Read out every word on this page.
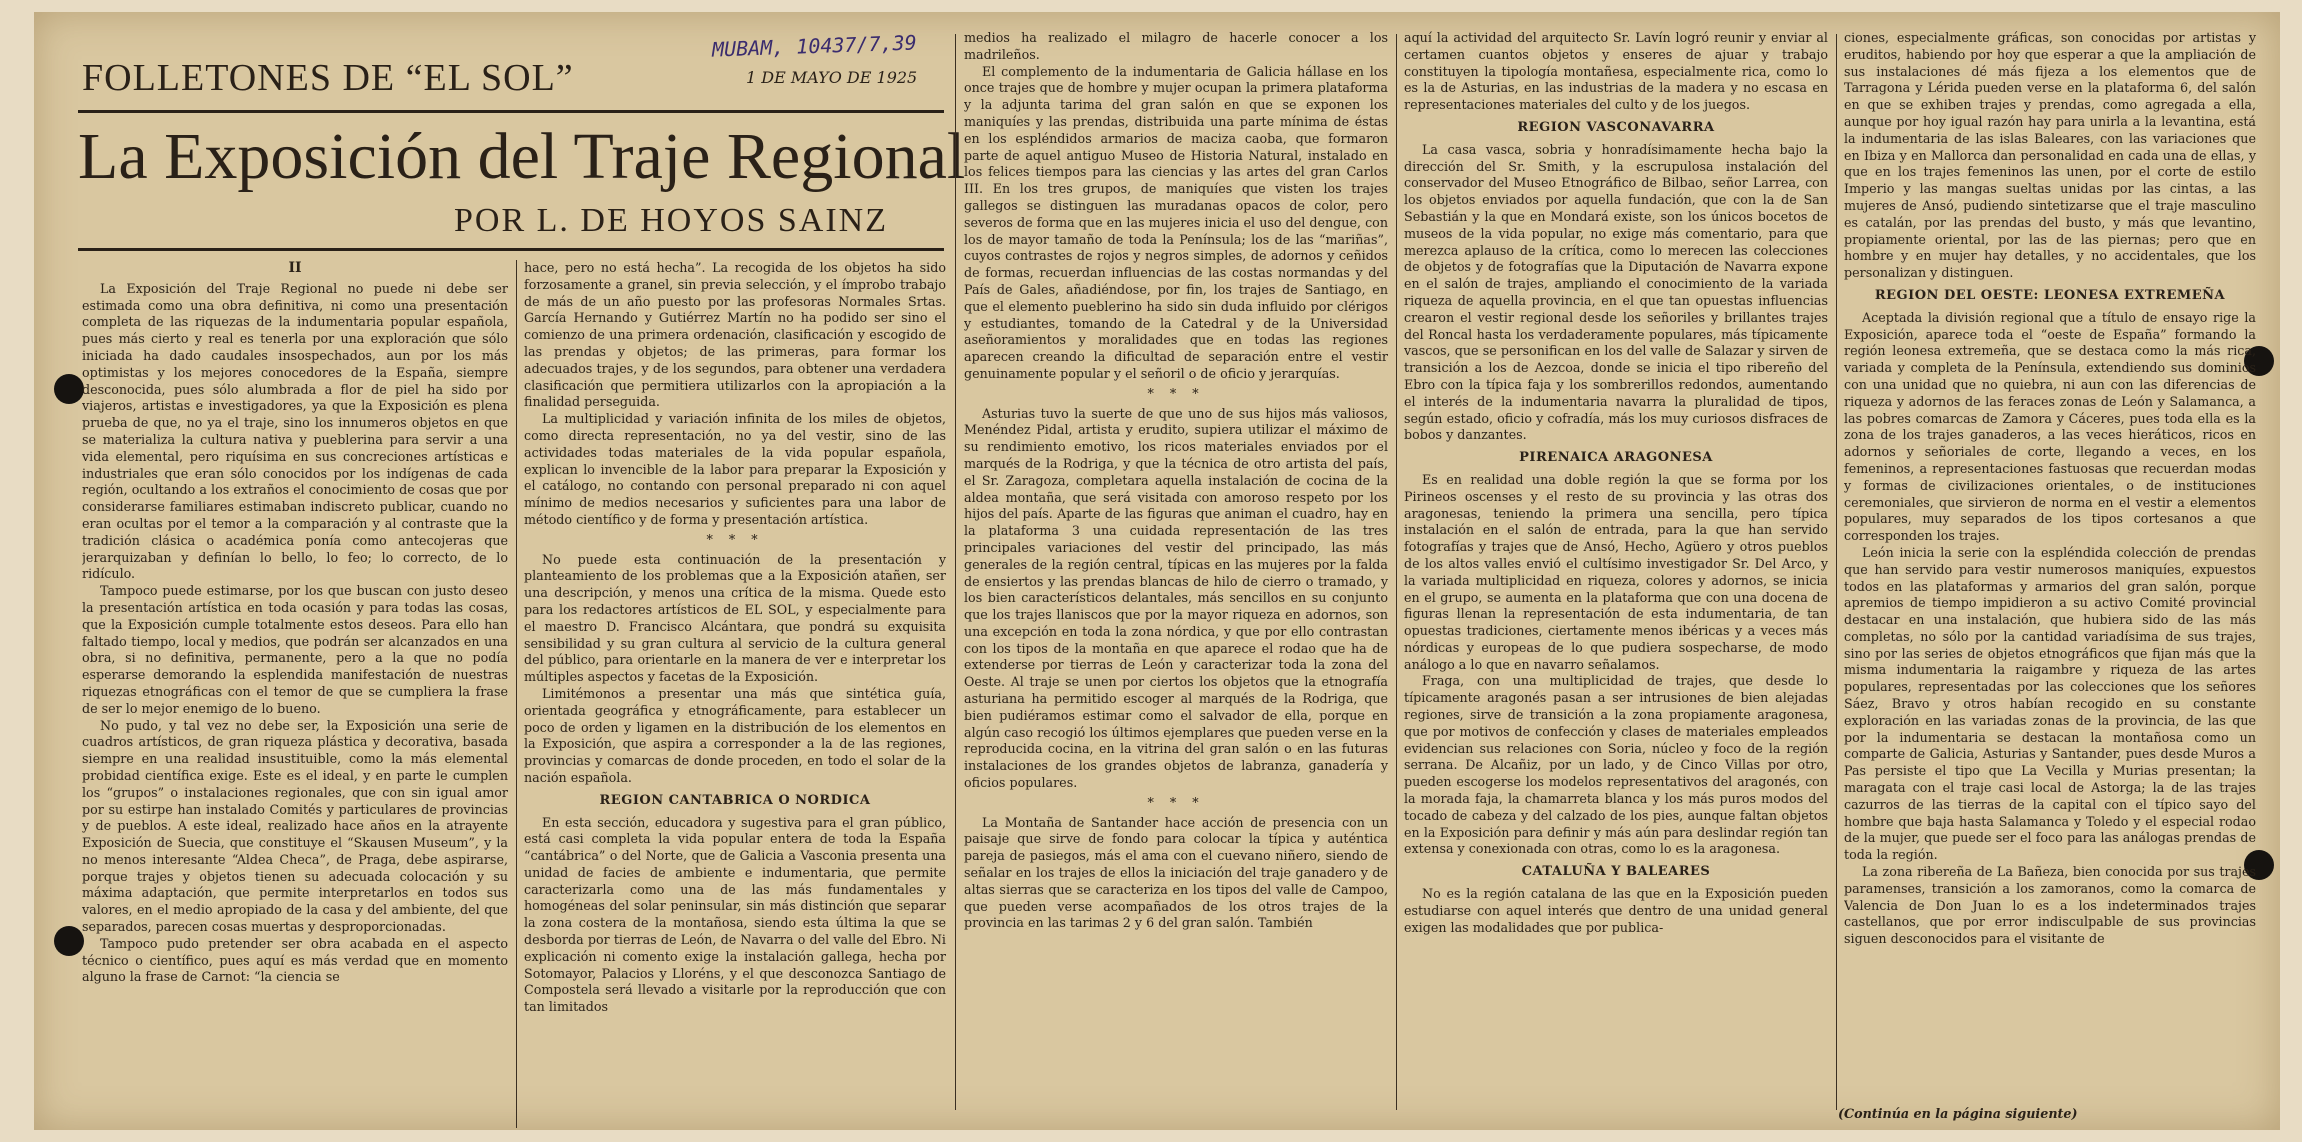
MUBAM, 10437/7,39
FOLLETONES DE “EL SOL”	1 DE MAYO DE 1925
La Exposición del Traje Regional
POR L. DE HOYOS SAINZ
II

La Exposición del Traje Regional no puede ni debe ser estimada como una obra definitiva, ni como una presentación completa de las riquezas de la indumentaria popular española, pues más cierto y real es tenerla por una exploración que sólo iniciada ha dado caudales insospechados, aun por los más optimistas y los mejores conocedores de la España, siempre desconocida, pues sólo alumbrada a flor de piel ha sido por viajeros, artistas e investigadores, ya que la Exposición es plena prueba de que, no ya el traje, sino los innumeros objetos en que se materializa la cultura nativa y pueblerina para servir a una vida elemental, pero riquísima en sus concreciones artísticas e industriales que eran sólo conocidos por los indígenas de cada región, ocultando a los extraños el conocimiento de cosas que por considerarse familiares estimaban indiscreto publicar, cuando no eran ocultas por el temor a la comparación y al contraste que la tradición clásica o académica ponía como antecojeras que jerarquizaban y definían lo bello, lo feo; lo correcto, de lo ridículo.

Tampoco puede estimarse, por los que buscan con justo deseo la presentación artística en toda ocasión y para todas las cosas, que la Exposición cumple totalmente estos deseos. Para ello han faltado tiempo, local y medios, que podrán ser alcanzados en una obra, si no definitiva, permanente, pero a la que no podía esperarse demorando la esplendida manifestación de nuestras riquezas etnográficas con el temor de que se cumpliera la frase de ser lo mejor enemigo de lo bueno.

No pudo, y tal vez no debe ser, la Exposición una serie de cuadros artísticos, de gran riqueza plástica y decorativa, basada siempre en una realidad insustituible, como la más elemental probidad científica exige. Este es el ideal, y en parte le cumplen los “grupos” o instalaciones regionales, que con sin igual amor por su estirpe han instalado Comités y particulares de provincias y de pueblos. A este ideal, realizado hace años en la atrayente Exposición de Suecia, que constituye el “Skausen Museum”, y la no menos interesante “Aldea Checa”, de Praga, debe aspirarse, porque trajes y objetos tienen su adecuada colocación y su máxima adaptación, que permite interpretarlos en todos sus valores, en el medio apropiado de la casa y del ambiente, del que separados, parecen cosas muertas y desproporcionadas.

Tampoco pudo pretender ser obra acabada en el aspecto técnico o científico, pues aquí es más verdad que en momento alguno la frase de Carnot: “la ciencia se

hace, pero no está hecha”. La recogida de los objetos ha sido forzosamente a granel, sin previa selección, y el ímprobo trabajo de más de un año puesto por las profesoras Normales Srtas. García Hernando y Gutiérrez Martín no ha podido ser sino el comienzo de una primera ordenación, clasificación y escogido de las prendas y objetos; de las primeras, para formar los adecuados trajes, y de los segundos, para obtener una verdadera clasificación que permitiera utilizarlos con la apropiación a la finalidad perseguida.

La multiplicidad y variación infinita de los miles de objetos, como directa representación, no ya del vestir, sino de las actividades todas materiales de la vida popular española, explican lo invencible de la labor para preparar la Exposición y el catálogo, no contando con personal preparado ni con aquel mínimo de medios necesarios y suficientes para una labor de método científico y de forma y presentación artística.

* * *

No puede esta continuación de la presentación y planteamiento de los problemas que a la Exposición atañen, ser una descripción, y menos una crítica de la misma. Quede esto para los redactores artísticos de EL SOL, y especialmente para el maestro D. Francisco Alcántara, que pondrá su exquisita sensibilidad y su gran cultura al servicio de la cultura general del público, para orientarle en la manera de ver e interpretar los múltiples aspectos y facetas de la Exposición.

Limitémonos a presentar una más que sintética guía, orientada geográfica y etnográficamente, para establecer un poco de orden y ligamen en la distribución de los elementos en la Exposición, que aspira a corresponder a la de las regiones, provincias y comarcas de donde proceden, en todo el solar de la nación española.

REGION CANTABRICA O NORDICA

En esta sección, educadora y sugestiva para el gran público, está casi completa la vida popular entera de toda la España “cantábrica” o del Norte, que de Galicia a Vasconia presenta una unidad de facies de ambiente e indumentaria, que permite caracterizarla como una de las más fundamentales y homogéneas del solar peninsular, sin más distinción que separar la zona costera de la montañosa, siendo esta última la que se desborda por tierras de León, de Navarra o del valle del Ebro. Ni explicación ni comento exige la instalación gallega, hecha por Sotomayor, Palacios y Lloréns, y el que desconozca Santiago de Compostela será llevado a visitarle por la reproducción que con tan limitados

medios ha realizado el milagro de hacerle conocer a los madrileños.

El complemento de la indumentaria de Galicia hállase en los once trajes que de hombre y mujer ocupan la primera plataforma y la adjunta tarima del gran salón en que se exponen los maniquíes y las prendas, distribuida una parte mínima de éstas en los espléndidos armarios de maciza caoba, que formaron parte de aquel antiguo Museo de Historia Natural, instalado en los felices tiempos para las ciencias y las artes del gran Carlos III. En los tres grupos, de maniquíes que visten los trajes gallegos se distinguen las muradanas opacos de color, pero severos de forma que en las mujeres inicia el uso del dengue, con los de mayor tamaño de toda la Península; los de las “mariñas”, cuyos contrastes de rojos y negros simples, de adornos y ceñidos de formas, recuerdan influencias de las costas normandas y del País de Gales, añadiéndose, por fin, los trajes de Santiago, en que el elemento pueblerino ha sido sin duda influido por clérigos y estudiantes, tomando de la Catedral y de la Universidad aseñoramientos y moralidades que en todas las regiones aparecen creando la dificultad de separación entre el vestir genuinamente popular y el señoril o de oficio y jerarquías.

* * *

Asturias tuvo la suerte de que uno de sus hijos más valiosos, Menéndez Pidal, artista y erudito, supiera utilizar el máximo de su rendimiento emotivo, los ricos materiales enviados por el marqués de la Rodriga, y que la técnica de otro artista del país, el Sr. Zaragoza, completara aquella instalación de cocina de la aldea montaña, que será visitada con amoroso respeto por los hijos del país. Aparte de las figuras que animan el cuadro, hay en la plataforma 3 una cuidada representación de las tres principales variaciones del vestir del principado, las más generales de la región central, típicas en las mujeres por la falda de ensiertos y las prendas blancas de hilo de cierro o tramado, y los bien característicos delantales, más sencillos en su conjunto que los trajes llaniscos que por la mayor riqueza en adornos, son una excepción en toda la zona nórdica, y que por ello contrastan con los tipos de la montaña en que aparece el rodao que ha de extenderse por tierras de León y caracterizar toda la zona del Oeste. Al traje se unen por ciertos los objetos que la etnografía asturiana ha permitido escoger al marqués de la Rodriga, que bien pudiéramos estimar como el salvador de ella, porque en algún caso recogió los últimos ejemplares que pueden verse en la reproducida cocina, en la vitrina del gran salón o en las futuras instalaciones de los grandes objetos de labranza, ganadería y oficios populares.

* * *

La Montaña de Santander hace acción de presencia con un paisaje que sirve de fondo para colocar la típica y auténtica pareja de pasiegos, más el ama con el cuevano niñero, siendo de señalar en los trajes de ellos la iniciación del traje ganadero y de altas sierras que se caracteriza en los tipos del valle de Campoo, que pueden verse acompañados de los otros trajes de la provincia en las tarimas 2 y 6 del gran salón. También

aquí la actividad del arquitecto Sr. Lavín logró reunir y enviar al certamen cuantos objetos y enseres de ajuar y trabajo constituyen la tipología montañesa, especialmente rica, como lo es la de Asturias, en las industrias de la madera y no escasa en representaciones materiales del culto y de los juegos.

REGION VASCONAVARRA

La casa vasca, sobria y honradísimamente hecha bajo la dirección del Sr. Smith, y la escrupulosa instalación del conservador del Museo Etnográfico de Bilbao, señor Larrea, con los objetos enviados por aquella fundación, que con la de San Sebastián y la que en Mondará existe, son los únicos bocetos de museos de la vida popular, no exige más comentario, para que merezca aplauso de la crítica, como lo merecen las colecciones de objetos y de fotografías que la Diputación de Navarra expone en el salón de trajes, ampliando el conocimiento de la variada riqueza de aquella provincia, en el que tan opuestas influencias crearon el vestir regional desde los señoriles y brillantes trajes del Roncal hasta los verdaderamente populares, más típicamente vascos, que se personifican en los del valle de Salazar y sirven de transición a los de Aezcoa, donde se inicia el tipo ribereño del Ebro con la típica faja y los sombrerillos redondos, aumentando el interés de la indumentaria navarra la pluralidad de tipos, según estado, oficio y cofradía, más los muy curiosos disfraces de bobos y danzantes.

PIRENAICA ARAGONESA

Es en realidad una doble región la que se forma por los Pirineos oscenses y el resto de su provincia y las otras dos aragonesas, teniendo la primera una sencilla, pero típica instalación en el salón de entrada, para la que han servido fotografías y trajes que de Ansó, Hecho, Agüero y otros pueblos de los altos valles envió el cultísimo investigador Sr. Del Arco, y la variada multiplicidad en riqueza, colores y adornos, se inicia en el grupo, se aumenta en la plataforma que con una docena de figuras llenan la representación de esta indumentaria, de tan opuestas tradiciones, ciertamente menos ibéricas y a veces más nórdicas y europeas de lo que pudiera sospecharse, de modo análogo a lo que en navarro señalamos.

Fraga, con una multiplicidad de trajes, que desde lo típicamente aragonés pasan a ser intrusiones de bien alejadas regiones, sirve de transición a la zona propiamente aragonesa, que por motivos de confección y clases de materiales empleados evidencian sus relaciones con Soria, núcleo y foco de la región serrana. De Alcañiz, por un lado, y de Cinco Villas por otro, pueden escogerse los modelos representativos del aragonés, con la morada faja, la chamarreta blanca y los más puros modos del tocado de cabeza y del calzado de los pies, aunque faltan objetos en la Exposición para definir y más aún para deslindar región tan extensa y conexionada con otras, como lo es la aragonesa.

CATALUÑA Y BALEARES

No es la región catalana de las que en la Exposición pueden estudiarse con aquel interés que dentro de una unidad general exigen las modalidades que por publica-

ciones, especialmente gráficas, son conocidas por artistas y eruditos, habiendo por hoy que esperar a que la ampliación de sus instalaciones dé más fijeza a los elementos que de Tarragona y Lérida pueden verse en la plataforma 6, del salón en que se exhiben trajes y prendas, como agregada a ella, aunque por hoy igual razón hay para unirla a la levantina, está la indumentaria de las islas Baleares, con las variaciones que en Ibiza y en Mallorca dan personalidad en cada una de ellas, y que en los trajes femeninos las unen, por el corte de estilo Imperio y las mangas sueltas unidas por las cintas, a las mujeres de Ansó, pudiendo sintetizarse que el traje masculino es catalán, por las prendas del busto, y más que levantino, propiamente oriental, por las de las piernas; pero que en hombre y en mujer hay detalles, y no accidentales, que los personalizan y distinguen.

REGION DEL OESTE: LEONESA EXTREMEÑA

Aceptada la división regional que a título de ensayo rige la Exposición, aparece toda el “oeste de España” formando la región leonesa extremeña, que se destaca como la más rica, variada y completa de la Península, extendiendo sus dominios con una unidad que no quiebra, ni aun con las diferencias de riqueza y adornos de las feraces zonas de León y Salamanca, a las pobres comarcas de Zamora y Cáceres, pues toda ella es la zona de los trajes ganaderos, a las veces hieráticos, ricos en adornos y señoriales de corte, llegando a veces, en los femeninos, a representaciones fastuosas que recuerdan modas y formas de civilizaciones orientales, o de instituciones ceremoniales, que sirvieron de norma en el vestir a elementos populares, muy separados de los tipos cortesanos a que corresponden los trajes.

León inicia la serie con la espléndida colección de prendas que han servido para vestir numerosos maniquíes, expuestos todos en las plataformas y armarios del gran salón, porque apremios de tiempo impidieron a su activo Comité provincial destacar en una instalación, que hubiera sido de las más completas, no sólo por la cantidad variadísima de sus trajes, sino por las series de objetos etnográficos que fijan más que la misma indumentaria la raigambre y riqueza de las artes populares, representadas por las colecciones que los señores Sáez, Bravo y otros habían recogido en su constante exploración en las variadas zonas de la provincia, de las que por la indumentaria se destacan la montañosa como un comparte de Galicia, Asturias y Santander, pues desde Muros a Pas persiste el tipo que La Vecilla y Murias presentan; la maragata con el traje casi local de Astorga; la de las trajes cazurros de las tierras de la capital con el típico sayo del hombre que baja hasta Salamanca y Toledo y el especial rodao de la mujer, que puede ser el foco para las análogas prendas de toda la región.

La zona ribereña de La Bañeza, bien conocida por sus trajes paramenses, transición a los zamoranos, como la comarca de Valencia de Don Juan lo es a los indeterminados trajes castellanos, que por error indisculpable de sus provincias siguen desconocidos para el visitante de

(Continúa en la página siguiente)
